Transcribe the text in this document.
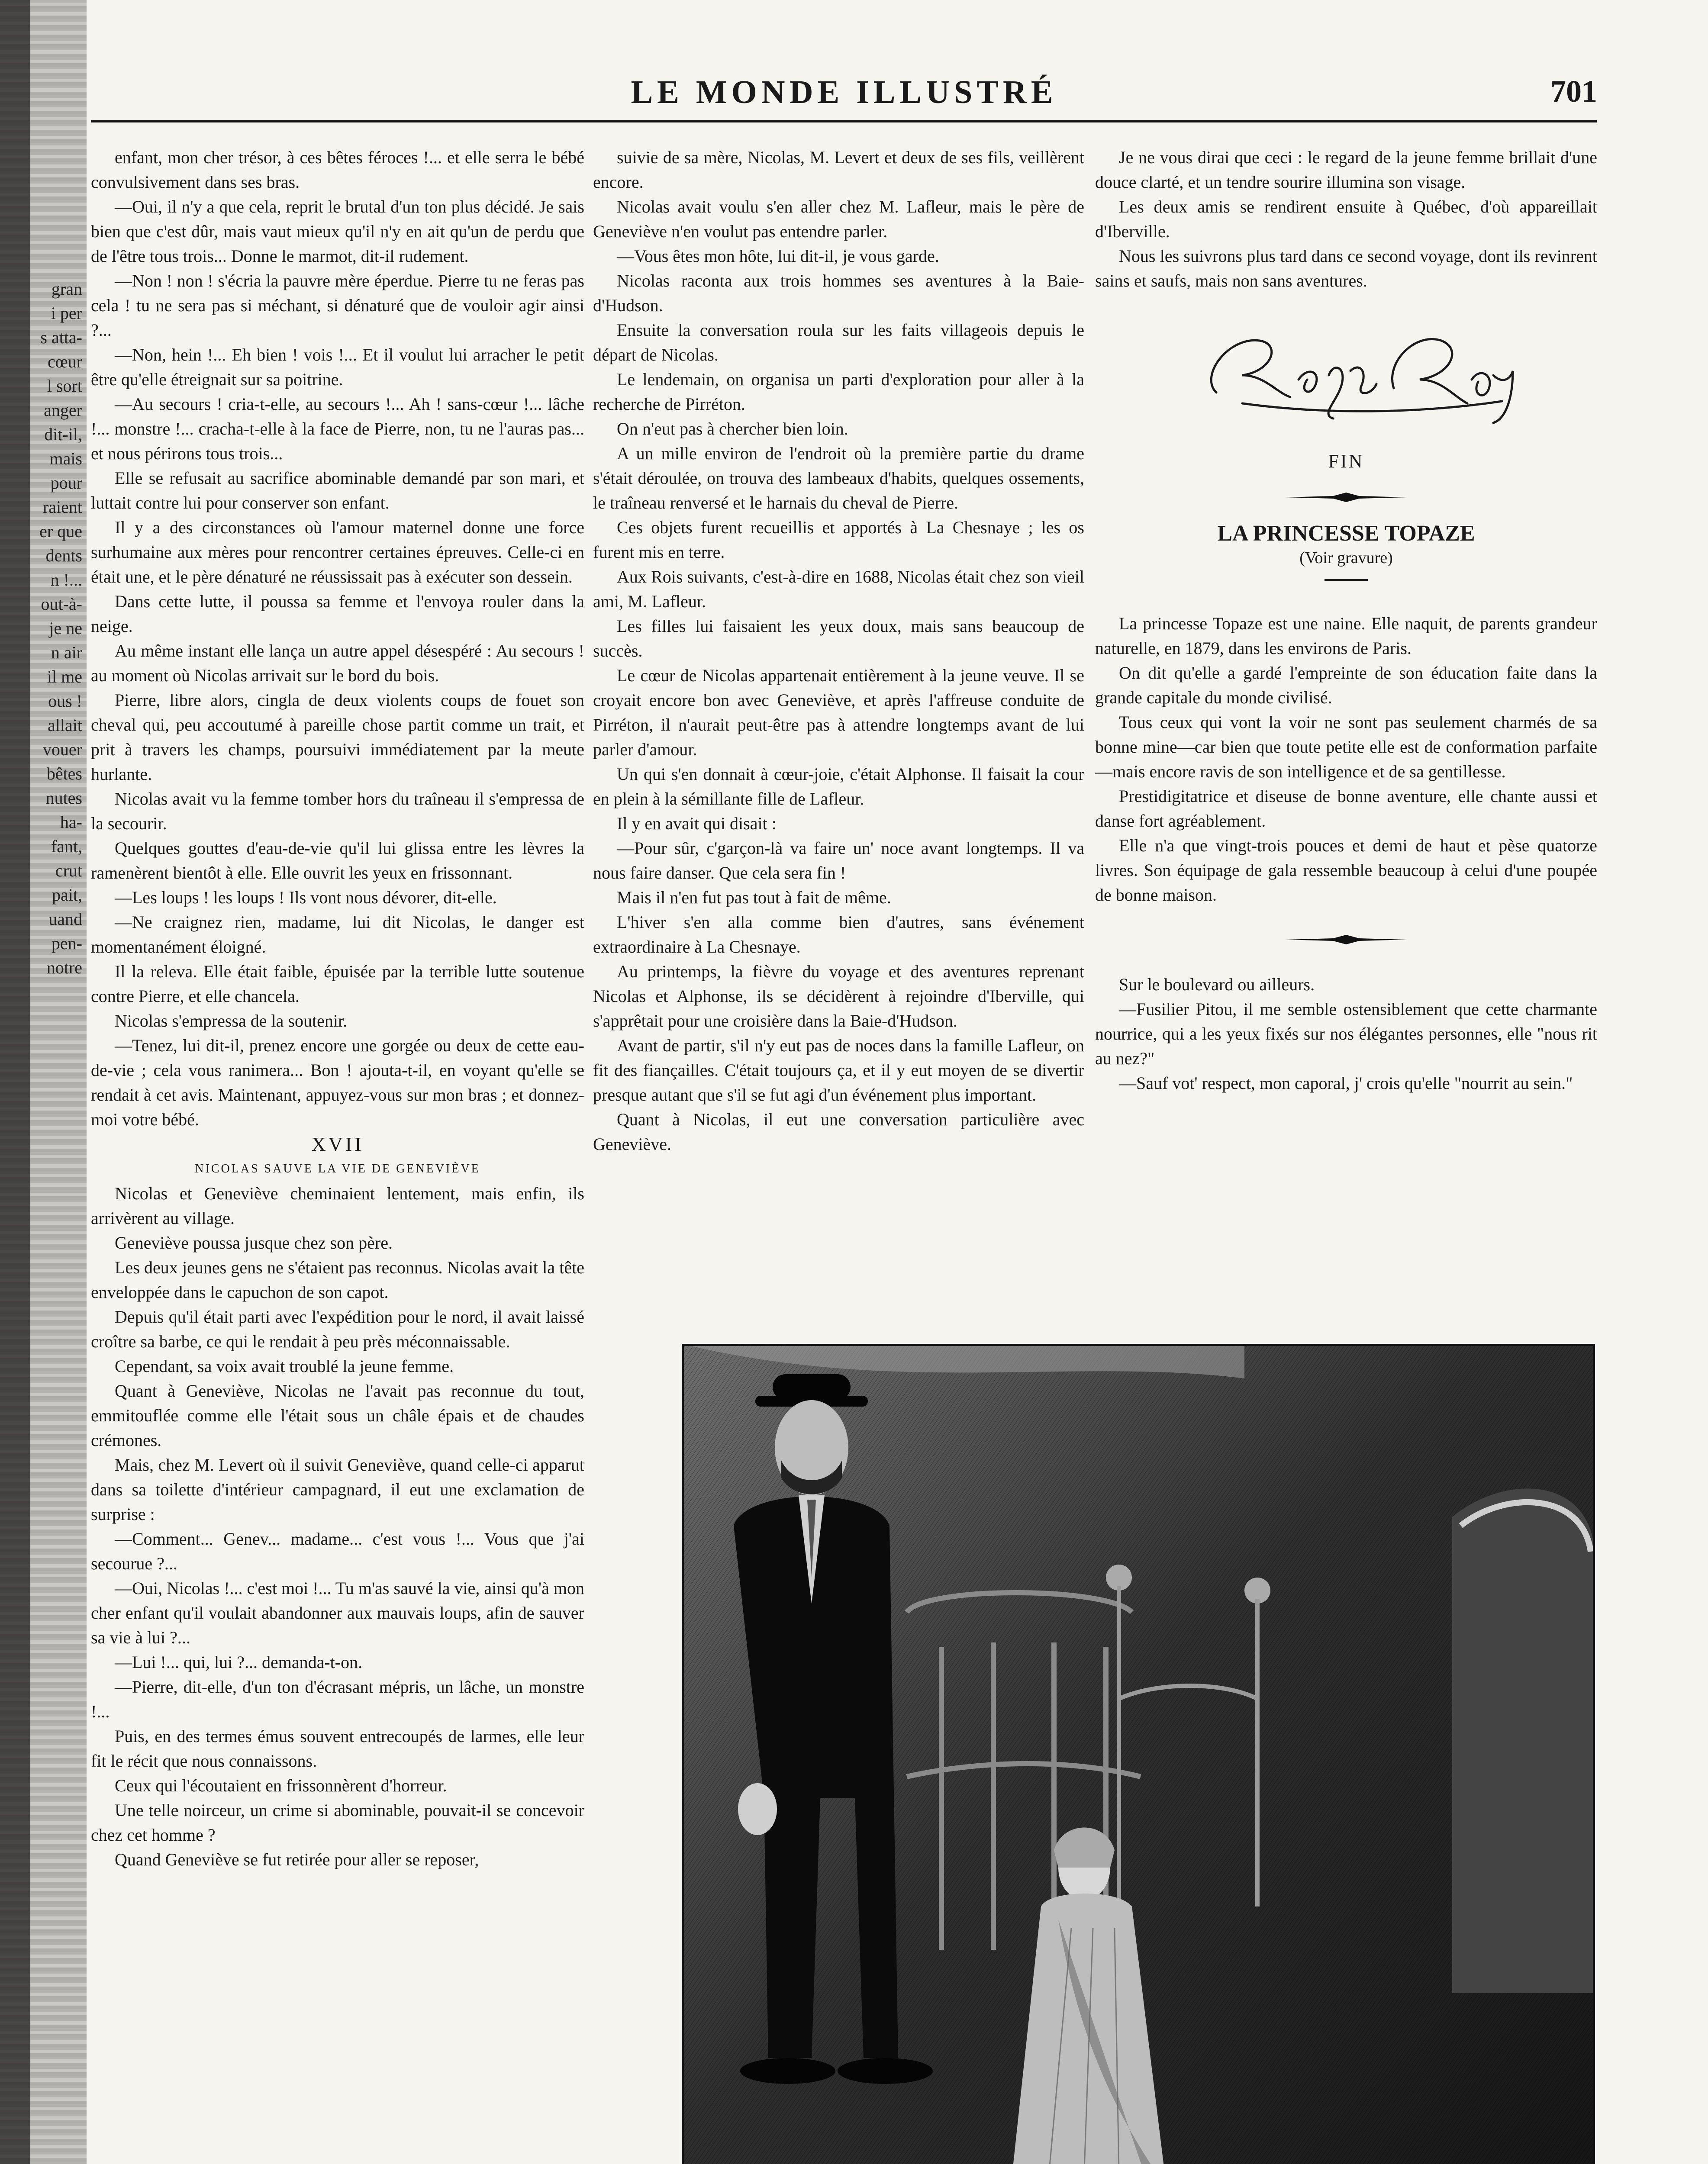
gran
i per
s atta-
cœur
l sort
anger
dit-il,
mais
pour
raient
er que
dents
n !...
out-à-
je ne
n air
il me
ous !
allait
vouer
bêtes
nutes
ha-
fant,
crut
pait,
uand
pen-
notre
LE MONDE ILLUSTRÉ	701

enfant, mon cher trésor, à ces bêtes féroces !... et elle serra le bébé convulsivement dans ses bras.

—Oui, il n'y a que cela, reprit le brutal d'un ton plus décidé. Je sais bien que c'est dûr, mais vaut mieux qu'il n'y en ait qu'un de perdu que de l'être tous trois... Donne le marmot, dit-il rudement.

—Non ! non ! s'écria la pauvre mère éperdue. Pierre tu ne feras pas cela ! tu ne sera pas si méchant, si dénaturé que de vouloir agir ainsi ?...

—Non, hein !... Eh bien ! vois !... Et il voulut lui arracher le petit être qu'elle étreignait sur sa poitrine.

—Au secours ! cria-t-elle, au secours !... Ah ! sans-cœur !... lâche !... monstre !... cracha-t-elle à la face de Pierre, non, tu ne l'auras pas... et nous périrons tous trois...

Elle se refusait au sacrifice abominable demandé par son mari, et luttait contre lui pour conserver son enfant.

Il y a des circonstances où l'amour maternel donne une force surhumaine aux mères pour rencontrer certaines épreuves. Celle-ci en était une, et le père dénaturé ne réussissait pas à exécuter son dessein.

Dans cette lutte, il poussa sa femme et l'envoya rouler dans la neige.

Au même instant elle lança un autre appel désespéré : Au secours ! au moment où Nicolas arrivait sur le bord du bois.

Pierre, libre alors, cingla de deux violents coups de fouet son cheval qui, peu accoutumé à pareille chose partit comme un trait, et prit à travers les champs, poursuivi immédiatement par la meute hurlante.

Nicolas avait vu la femme tomber hors du traîneau il s'empressa de la secourir.

Quelques gouttes d'eau-de-vie qu'il lui glissa entre les lèvres la ramenèrent bientôt à elle. Elle ouvrit les yeux en frissonnant.

—Les loups ! les loups ! Ils vont nous dévorer, dit-elle.

—Ne craignez rien, madame, lui dit Nicolas, le danger est momentanément éloigné.

Il la releva. Elle était faible, épuisée par la terrible lutte soutenue contre Pierre, et elle chancela.

Nicolas s'empressa de la soutenir.

—Tenez, lui dit-il, prenez encore une gorgée ou deux de cette eau-de-vie ; cela vous ranimera... Bon ! ajouta-t-il, en voyant qu'elle se rendait à cet avis. Maintenant, appuyez-vous sur mon bras ; et donnez-moi votre bébé.

XVII

NICOLAS SAUVE LA VIE DE GENEVIÈVE

Nicolas et Geneviève cheminaient lentement, mais enfin, ils arrivèrent au village.

Geneviève poussa jusque chez son père.

Les deux jeunes gens ne s'étaient pas reconnus. Nicolas avait la tête enveloppée dans le capuchon de son capot.

Depuis qu'il était parti avec l'expédition pour le nord, il avait laissé croître sa barbe, ce qui le rendait à peu près méconnaissable.

Cependant, sa voix avait troublé la jeune femme.

Quant à Geneviève, Nicolas ne l'avait pas reconnue du tout, emmitouflée comme elle l'était sous un châle épais et de chaudes crémones.

Mais, chez M. Levert où il suivit Geneviève, quand celle-ci apparut dans sa toilette d'intérieur campagnard, il eut une exclamation de surprise :

—Comment... Genev... madame... c'est vous !... Vous que j'ai secourue ?...

—Oui, Nicolas !... c'est moi !... Tu m'as sauvé la vie, ainsi qu'à mon cher enfant qu'il voulait abandonner aux mauvais loups, afin de sauver sa vie à lui ?...

—Lui !... qui, lui ?... demanda-t-on.

—Pierre, dit-elle, d'un ton d'écrasant mépris, un lâche, un monstre !...

Puis, en des termes émus souvent entrecoupés de larmes, elle leur fit le récit que nous connaissons.

Ceux qui l'écoutaient en frissonnèrent d'horreur.

Une telle noirceur, un crime si abominable, pouvait-il se concevoir chez cet homme ?

Quand Geneviève se fut retirée pour aller se reposer,

suivie de sa mère, Nicolas, M. Levert et deux de ses fils, veillèrent encore.

Nicolas avait voulu s'en aller chez M. Lafleur, mais le père de Geneviève n'en voulut pas entendre parler.

—Vous êtes mon hôte, lui dit-il, je vous garde.

Nicolas raconta aux trois hommes ses aventures à la Baie-d'Hudson.

Ensuite la conversation roula sur les faits villageois depuis le départ de Nicolas.

Le lendemain, on organisa un parti d'exploration pour aller à la recherche de Pirréton.

On n'eut pas à chercher bien loin.

A un mille environ de l'endroit où la première partie du drame s'était déroulée, on trouva des lambeaux d'habits, quelques ossements, le traîneau renversé et le harnais du cheval de Pierre.

Ces objets furent recueillis et apportés à La Chesnaye ; les os furent mis en terre.

Aux Rois suivants, c'est-à-dire en 1688, Nicolas était chez son vieil ami, M. Lafleur.

Les filles lui faisaient les yeux doux, mais sans beaucoup de succès.

Le cœur de Nicolas appartenait entièrement à la jeune veuve. Il se croyait encore bon avec Geneviève, et après l'affreuse conduite de Pirréton, il n'aurait peut-être pas à attendre longtemps avant de lui parler d'amour.

Un qui s'en donnait à cœur-joie, c'était Alphonse. Il faisait la cour en plein à la sémillante fille de Lafleur.

Il y en avait qui disait :

—Pour sûr, c'garçon-là va faire un' noce avant longtemps. Il va nous faire danser. Que cela sera fin !

Mais il n'en fut pas tout à fait de même.

L'hiver s'en alla comme bien d'autres, sans événement extraordinaire à La Chesnaye.

Au printemps, la fièvre du voyage et des aventures reprenant Nicolas et Alphonse, ils se décidèrent à rejoindre d'Iberville, qui s'apprêtait pour une croisière dans la Baie-d'Hudson.

Avant de partir, s'il n'y eut pas de noces dans la famille Lafleur, on fit des fiançailles. C'était toujours ça, et il y eut moyen de se divertir presque autant que s'il se fut agi d'un événement plus important.

Quant à Nicolas, il eut une conversation particulière avec Geneviève.

Je ne vous dirai que ceci : le regard de la jeune femme brillait d'une douce clarté, et un tendre sourire illumina son visage.

Les deux amis se rendirent ensuite à Québec, d'où appareillait d'Iberville.

Nous les suivrons plus tard dans ce second voyage, dont ils revinrent sains et saufs, mais non sans aventures.

FIN
LA PRINCESSE TOPAZE
(Voir gravure)

La princesse Topaze est une naine. Elle naquit, de parents grandeur naturelle, en 1879, dans les environs de Paris.

On dit qu'elle a gardé l'empreinte de son éducation faite dans la grande capitale du monde civilisé.

Tous ceux qui vont la voir ne sont pas seulement charmés de sa bonne mine—car bien que toute petite elle est de conformation parfaite—mais encore ravis de son intelligence et de sa gentillesse.

Prestidigitatrice et diseuse de bonne aventure, elle chante aussi et danse fort agréablement.

Elle n'a que vingt-trois pouces et demi de haut et pèse quatorze livres. Son équipage de gala ressemble beaucoup à celui d'une poupée de bonne maison.

Sur le boulevard ou ailleurs.

—Fusilier Pitou, il me semble ostensiblement que cette charmante nourrice, qui a les yeux fixés sur nos élégantes personnes, elle "nous rit au nez?"

—Sauf vot' respect, mon caporal, j' crois qu'elle "nourrit au sein."
